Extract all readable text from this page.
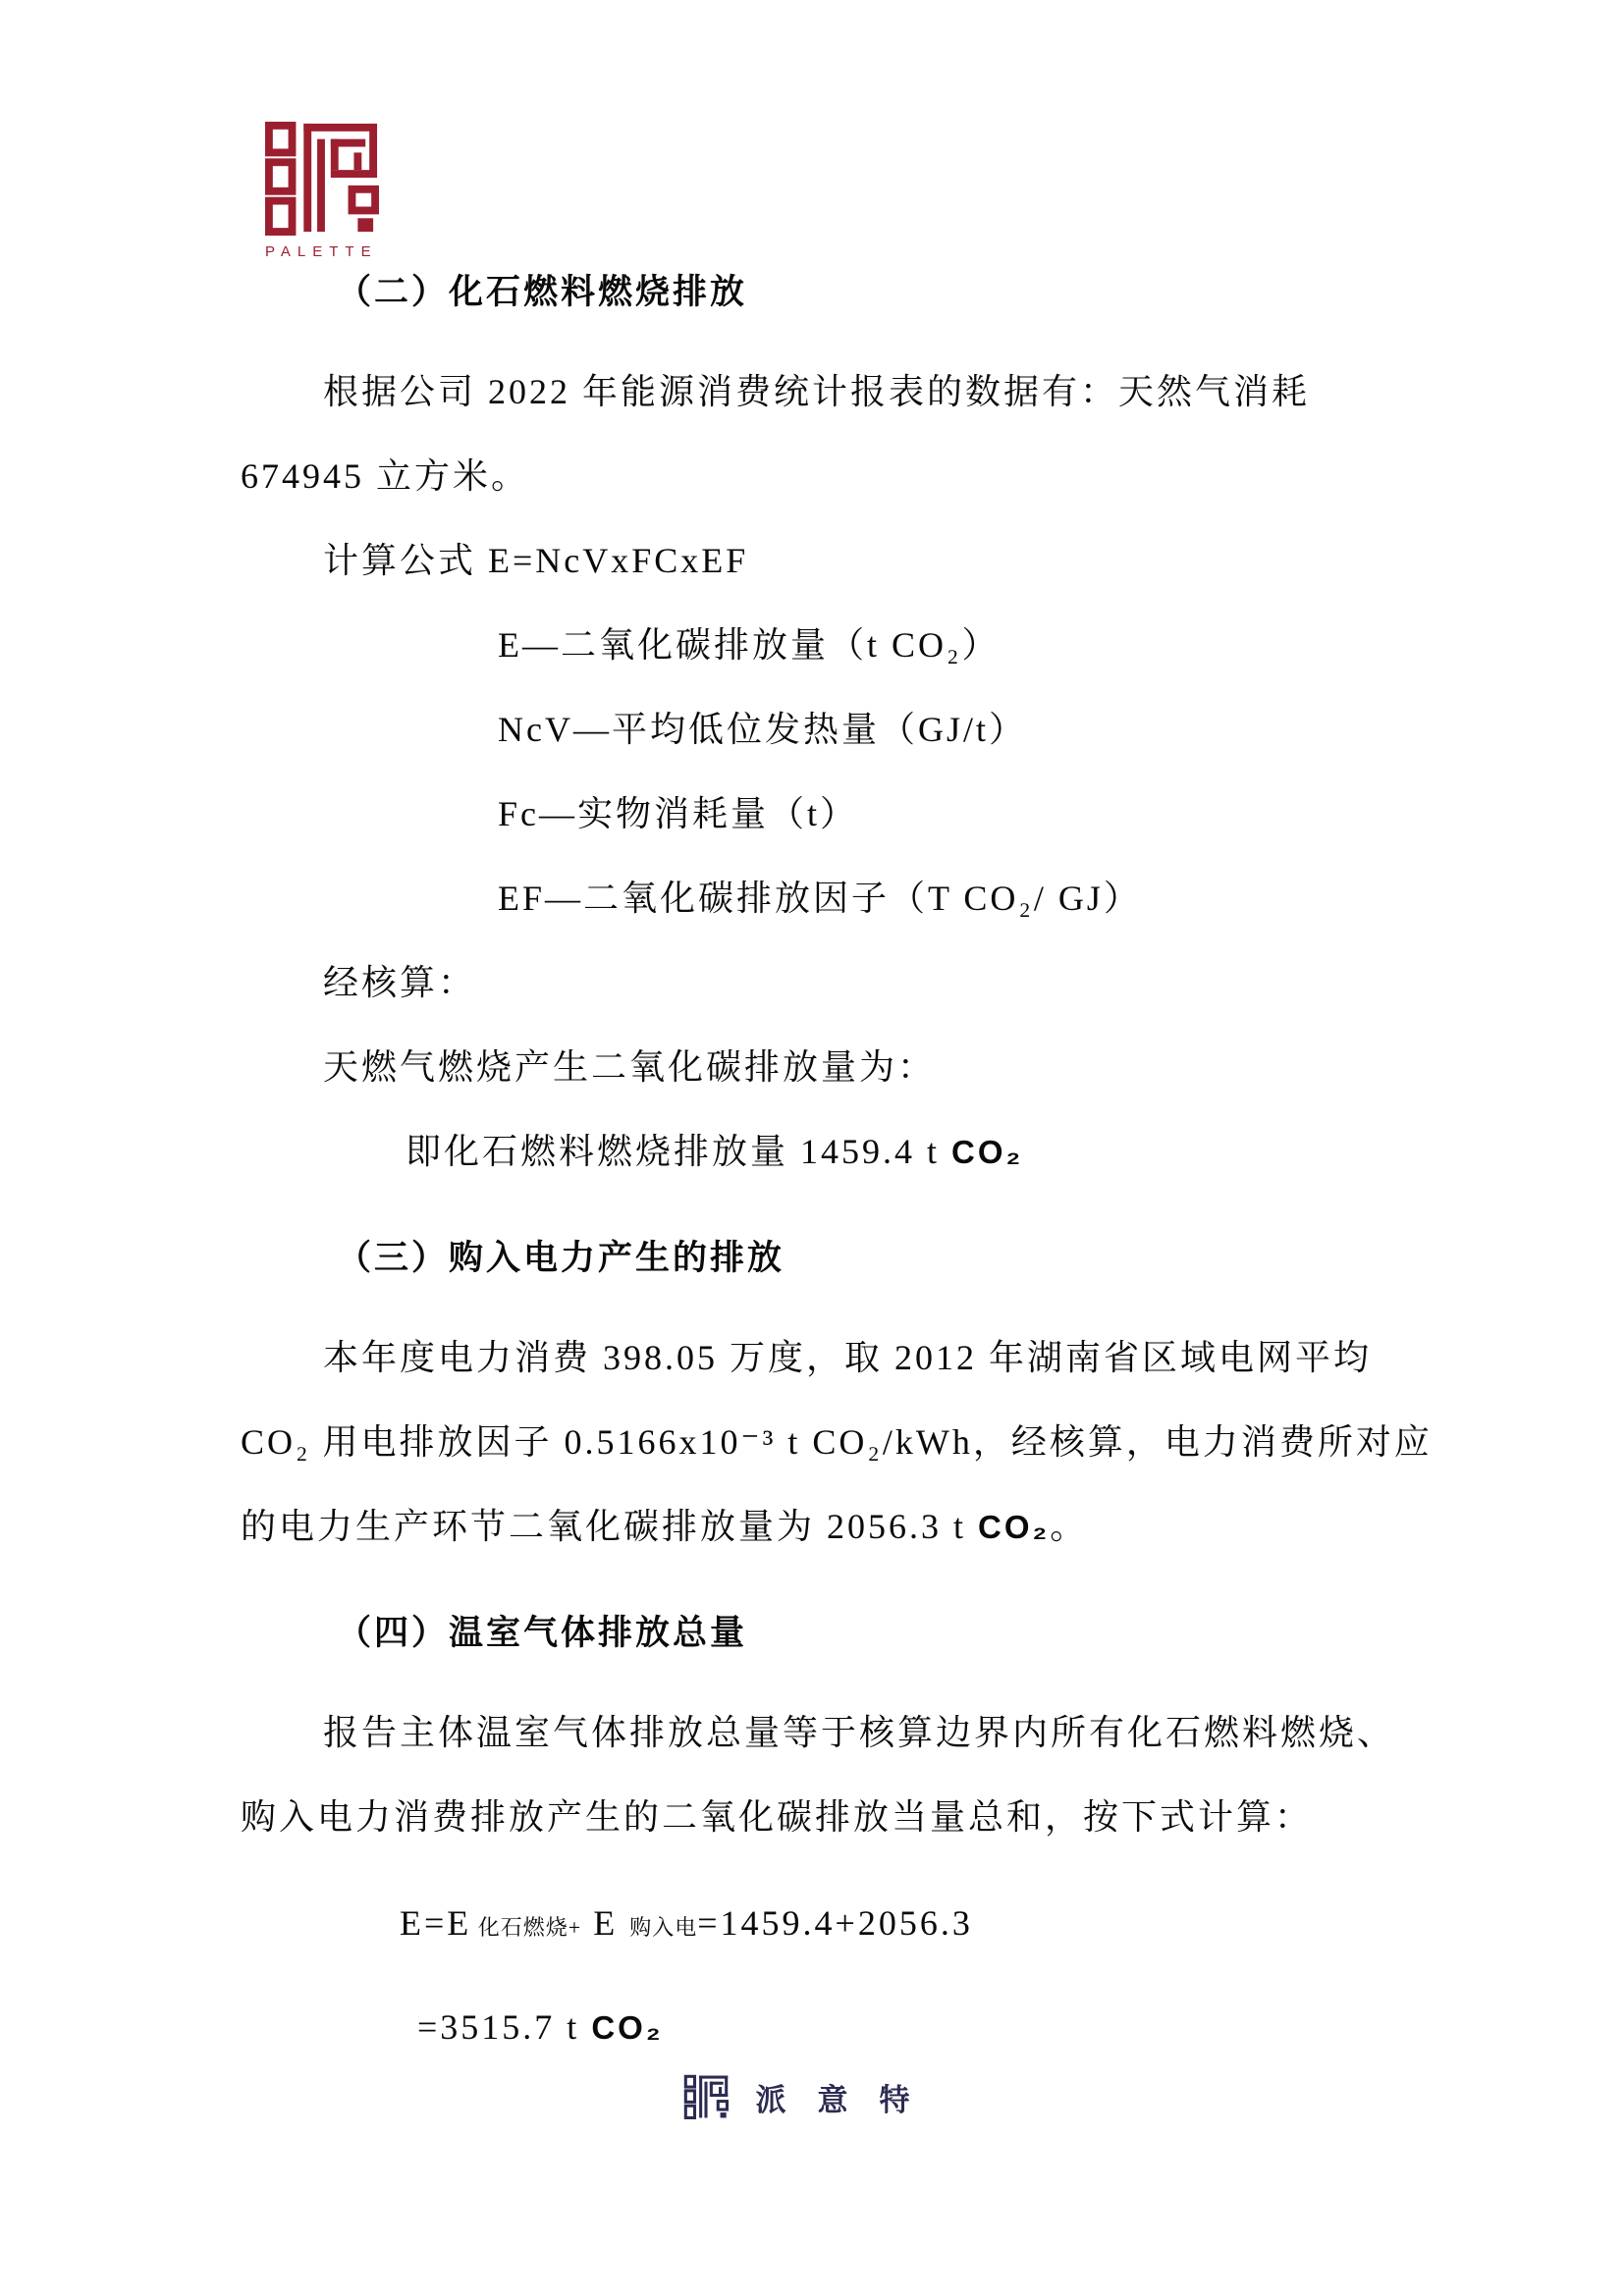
PALETTE
（二）化石燃料燃烧排放
根据公司 2022 年能源消费统计报表的数据有：天然气消耗
674945 立方米。
计算公式 E=NcVxFCxEF
E—二氧化碳排放量（t CO₂）
NcV—平均低位发热量（GJ/t）
Fc—实物消耗量（t）
EF—二氧化碳排放因子（T CO₂/ GJ）
经核算：
天燃气燃烧产生二氧化碳排放量为：
即化石燃料燃烧排放量 1459.4 t CO₂
（三）购入电力产生的排放
本年度电力消费 398.05 万度，取 2012 年湖南省区域电网平均
CO₂ 用电排放因子 0.5166x10⁻³ t CO₂/kWh，经核算，电力消费所对应
的电力生产环节二氧化碳排放量为 2056.3 t CO₂。
（四）温室气体排放总量
报告主体温室气体排放总量等于核算边界内所有化石燃料燃烧、
购入电力消费排放产生的二氧化碳排放当量总和，按下式计算：
E=E 化石燃烧+ E 购入电=1459.4+2056.3
=3515.7 t CO₂
派意特
